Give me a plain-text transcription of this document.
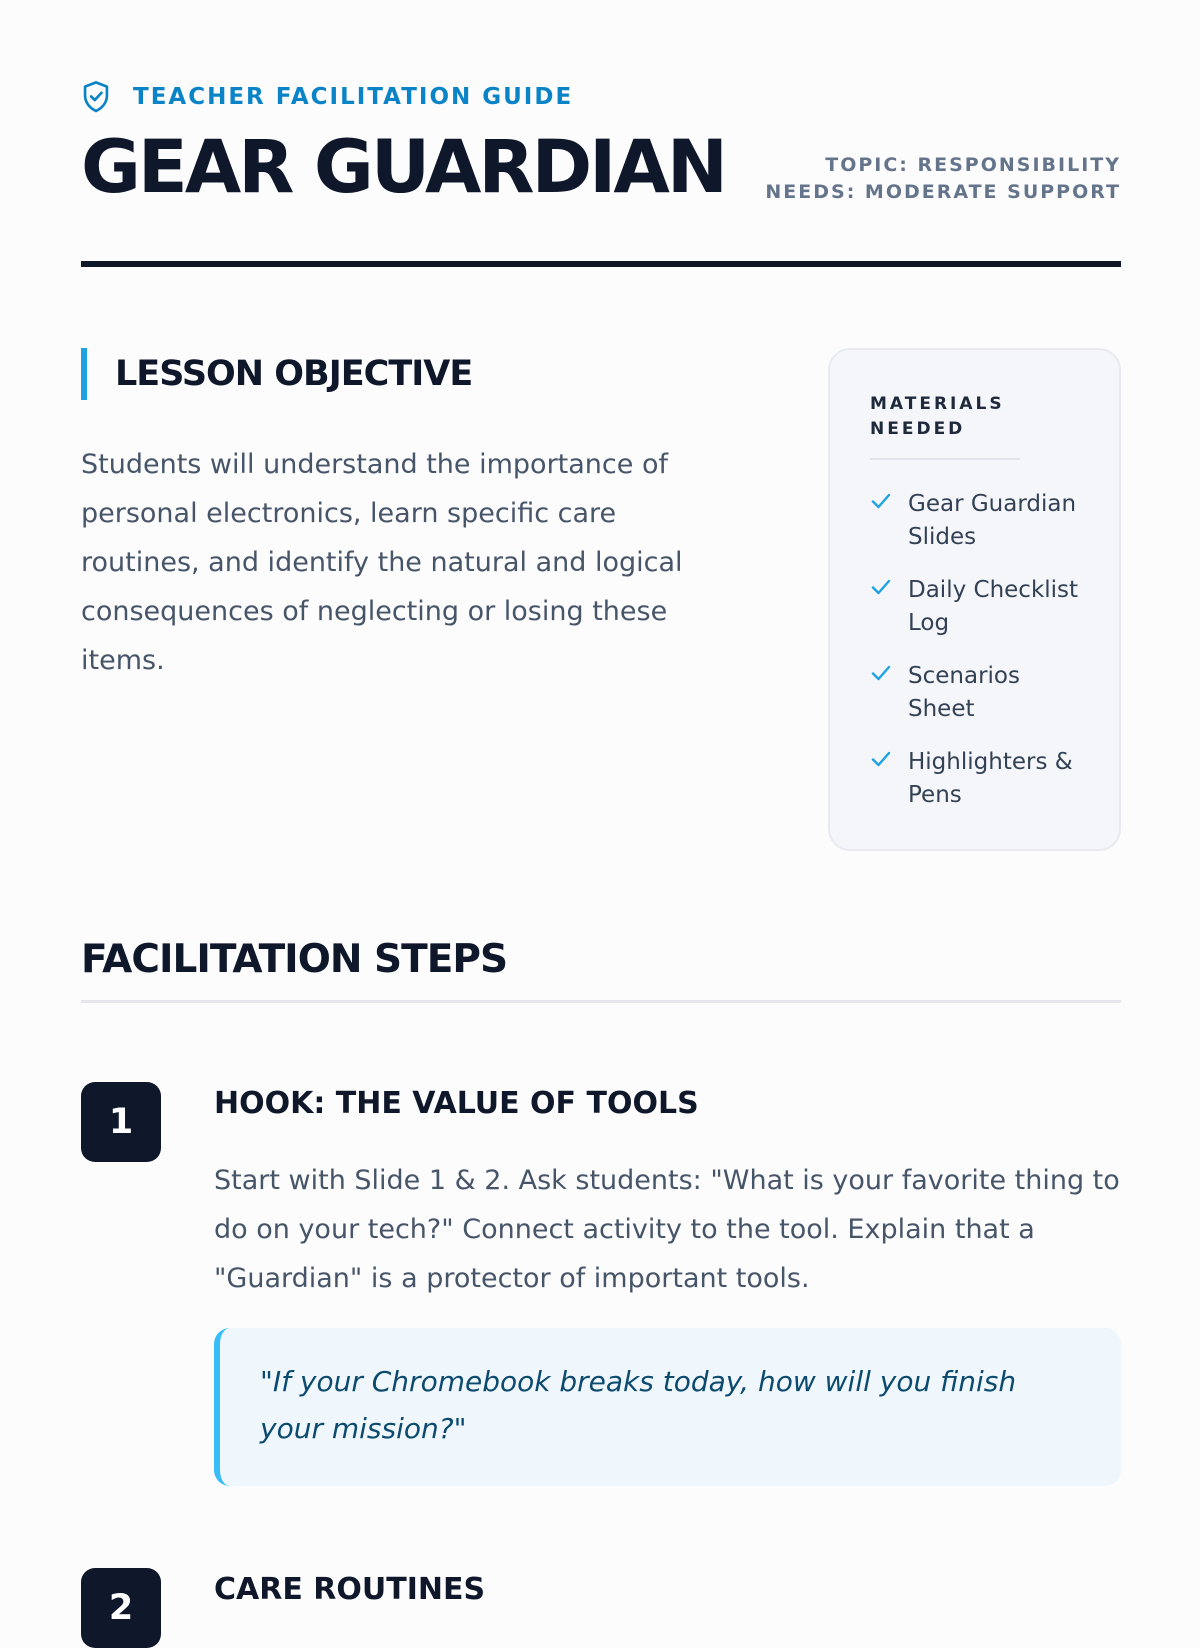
TEACHER FACILITATION GUIDE
GEAR GUARDIAN	TOPIC: RESPONSIBILITY
NEEDS: MODERATE SUPPORT
LESSON OBJECTIVE

Students will understand the importance of personal electronics, learn specific care routines, and identify the natural and logical consequences of neglecting or losing these items.

MATERIALS NEEDED
Gear Guardian Slides
Daily Checklist Log
Scenarios Sheet
Highlighters & Pens
FACILITATION STEPS
1	HOOK: THE VALUE OF TOOLS

Start with Slide 1 & 2. Ask students: "What is your favorite thing to do on your tech?" Connect activity to the tool. Explain that a "Guardian" is a protector of important tools.

"If your Chromebook breaks today, how will you finish your mission?"
2	CARE ROUTINES
